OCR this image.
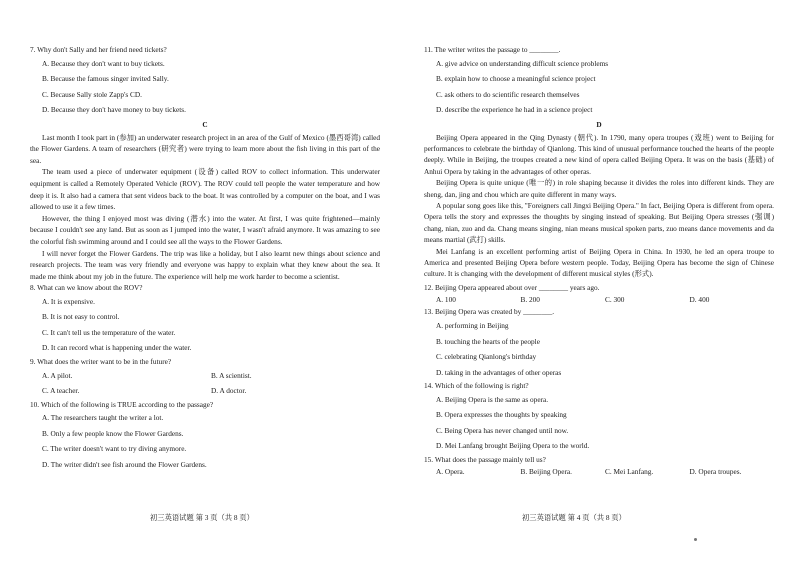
7. Why don't Sally and her friend need tickets?

A. Because they don't want to buy tickets.

B. Because the famous singer invited Sally.

C. Because Sally stole Zapp's CD.

D. Because they don't have money to buy tickets.

C

Last month I took part in (参加) an underwater research project in an area of the Gulf of Mexico (墨西哥湾) called the Flower Gardens. A team of researchers (研究者) were trying to learn more about the fish living in this part of the sea.

The team used a piece of underwater equipment (设备) called ROV to collect information. This underwater equipment is called a Remotely Operated Vehicle (ROV). The ROV could tell people the water temperature and how deep it is. It also had a camera that sent videos back to the boat. It was controlled by a computer on the boat, and I was allowed to use it a few times.

However, the thing I enjoyed most was diving (潜水) into the water. At first, I was quite frightened—mainly because I couldn't see any land. But as soon as I jumped into the water, I wasn't afraid anymore. It was amazing to see the colorful fish swimming around and I could see all the ways to the Flower Gardens.

I will never forget the Flower Gardens. The trip was like a holiday, but I also learnt new things about science and research projects. The team was very friendly and everyone was happy to explain what they knew about the sea. It made me think about my job in the future. The experience will help me work harder to become a scientist.

8. What can we know about the ROV?

A. It is expensive.

B. It is not easy to control.

C. It can't tell us the temperature of the water.

D. It can record what is happening under the water.

9. What does the writer want to be in the future?

A. A pilot.	B. A scientist.
C. A teacher.	D. A doctor.

10. Which of the following is TRUE according to the passage?

A. The researchers taught the writer a lot.

B. Only a few people know the Flower Gardens.

C. The writer doesn't want to try diving anymore.

D. The writer didn't see fish around the Flower Gardens.

初三英语试题 第 3 页（共 8 页）

11. The writer writes the passage to ________.

A. give advice on understanding difficult science problems

B. explain how to choose a meaningful science project

C. ask others to do scientific research themselves

D. describe the experience he had in a science project

D

Beijing Opera appeared in the Qing Dynasty (朝代). In 1790, many opera troupes (戏班) went to Beijing for performances to celebrate the birthday of Qianlong. This kind of unusual performance touched the hearts of the people deeply. While in Beijing, the troupes created a new kind of opera called Beijing Opera. It was on the basis (基础) of Anhui Opera by taking in the advantages of other operas.

Beijing Opera is quite unique (唯一的) in role shaping because it divides the roles into different kinds. They are sheng, dan, jing and chou which are quite different in many ways.

A popular song goes like this, "Foreigners call Jingxi Beijing Opera." In fact, Beijing Opera is different from opera. Opera tells the story and expresses the thoughts by singing instead of speaking. But Beijing Opera stresses (强调) chang, nian, zuo and da. Chang means singing, nian means musical spoken parts, zuo means dance movements and da means martial (武打) skills.

Mei Lanfang is an excellent performing artist of Beijing Opera in China. In 1930, he led an opera troupe to America and presented Beijing Opera before western people. Today, Beijing Opera has become the sign of Chinese culture. It is changing with the development of different musical styles (形式).

12. Beijing Opera appeared about over ________ years ago.

A. 100	B. 200	C. 300	D. 400

13. Beijing Opera was created by ________.

A. performing in Beijing

B. touching the hearts of the people

C. celebrating Qianlong's birthday

D. taking in the advantages of other operas

14. Which of the following is right?

A. Beijing Opera is the same as opera.

B. Opera expresses the thoughts by speaking

C. Being Opera has never changed until now.

D. Mei Lanfang brought Beijing Opera to the world.

15. What does the passage mainly tell us?

A. Opera.	B. Beijing Opera.	C. Mei Lanfang.	D. Opera troupes.
初三英语试题 第 4 页（共 8 页）
